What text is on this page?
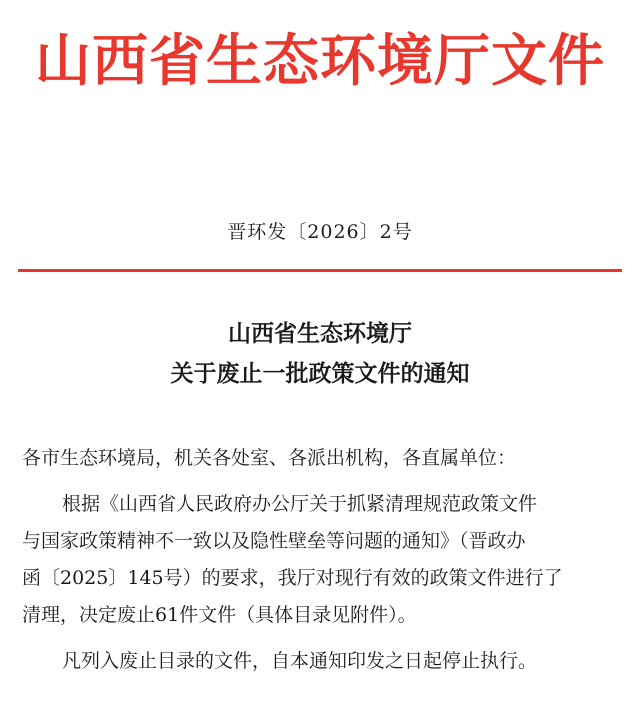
山西省生态环境厅文件
晋环发〔2026〕2号
山西省生态环境厅
关于废止一批政策文件的通知
各市生态环境局，机关各处室、各派出机构，各直属单位：
根据《山西省人民政府办公厅关于抓紧清理规范政策文件
与国家政策精神不一致以及隐性壁垒等问题的通知》（晋政办
函〔2025〕145号）的要求，我厅对现行有效的政策文件进行了
清理，决定废止61件文件（具体目录见附件）。
凡列入废止目录的文件，自本通知印发之日起停止执行。
